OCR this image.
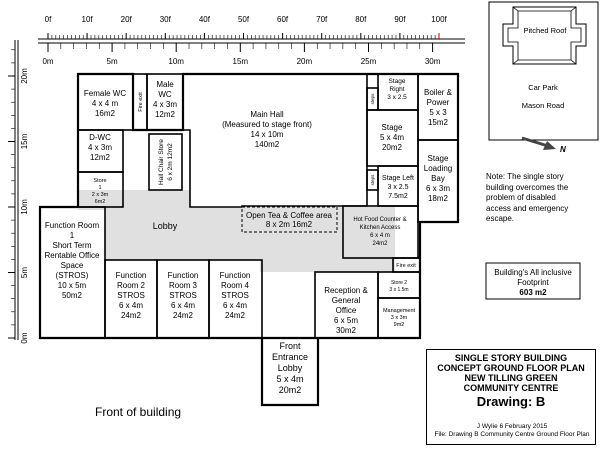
0f	10f	20f	30f	40f	50f	60f	70f	80f	90f	100f
0m	5m	10m	15m	20m	25m	30m
0m
5m
10m
15m
20m
Pitched Roof
Car Park
Mason Road
N
Female WC
4 x 4 m
16m2
Male
WC
4 x 3m
12m2	Main Hall
(Measured to stage front)
14 x 10m
140m2
Stage
Right
3 x 2.5
Boiler &
Power
5 x 3
15m2
Stage
5 x 4m
20m2
D-WC
4 x 3m
12m2
Store
1
2 x 3m
6m2
Stage Left
3 x 2.5
7.5m2
Stage
Loading
Bay
6 x 3m
18m2
Hot Food Counter &
Kitchen Access
6 x 4 m
24m2
Function Room
1
Short Term
Rentable Office
Space
(STROS)
10 x 5m
50m2
Function
Room 2
STROS
6 x 4m
24m2
Function
Room 3
STROS
6 x 4m
24m2
Function
Room 4
STROS
6 x 4m
24m2
Reception &
General
Office
6 x 5m
30m2
Store 2
3 x 1.5m
Management
3 x 3m
9m2
Front
Entrance
Lobby
5 x 4m
20m2
Open Tea & Coffee area
8 x 2m 16m2
Lobby
Hall Chair Store 6 x 2m 12m2
Fire exit	steps
steps
Fire exit
Note: The single story
building overcomes the
problem of disabled
access and emergency
escape.
Building's All inclusive
Footprint
603 m2
Front of building
SINGLE STORY BUILDING
CONCEPT GROUND FLOOR PLAN
NEW TILLING GREEN
COMMUNITY CENTRE
Drawing: B
J Wylie 6 February 2015
File: Drawing B Community Centre Ground Floor Plan
